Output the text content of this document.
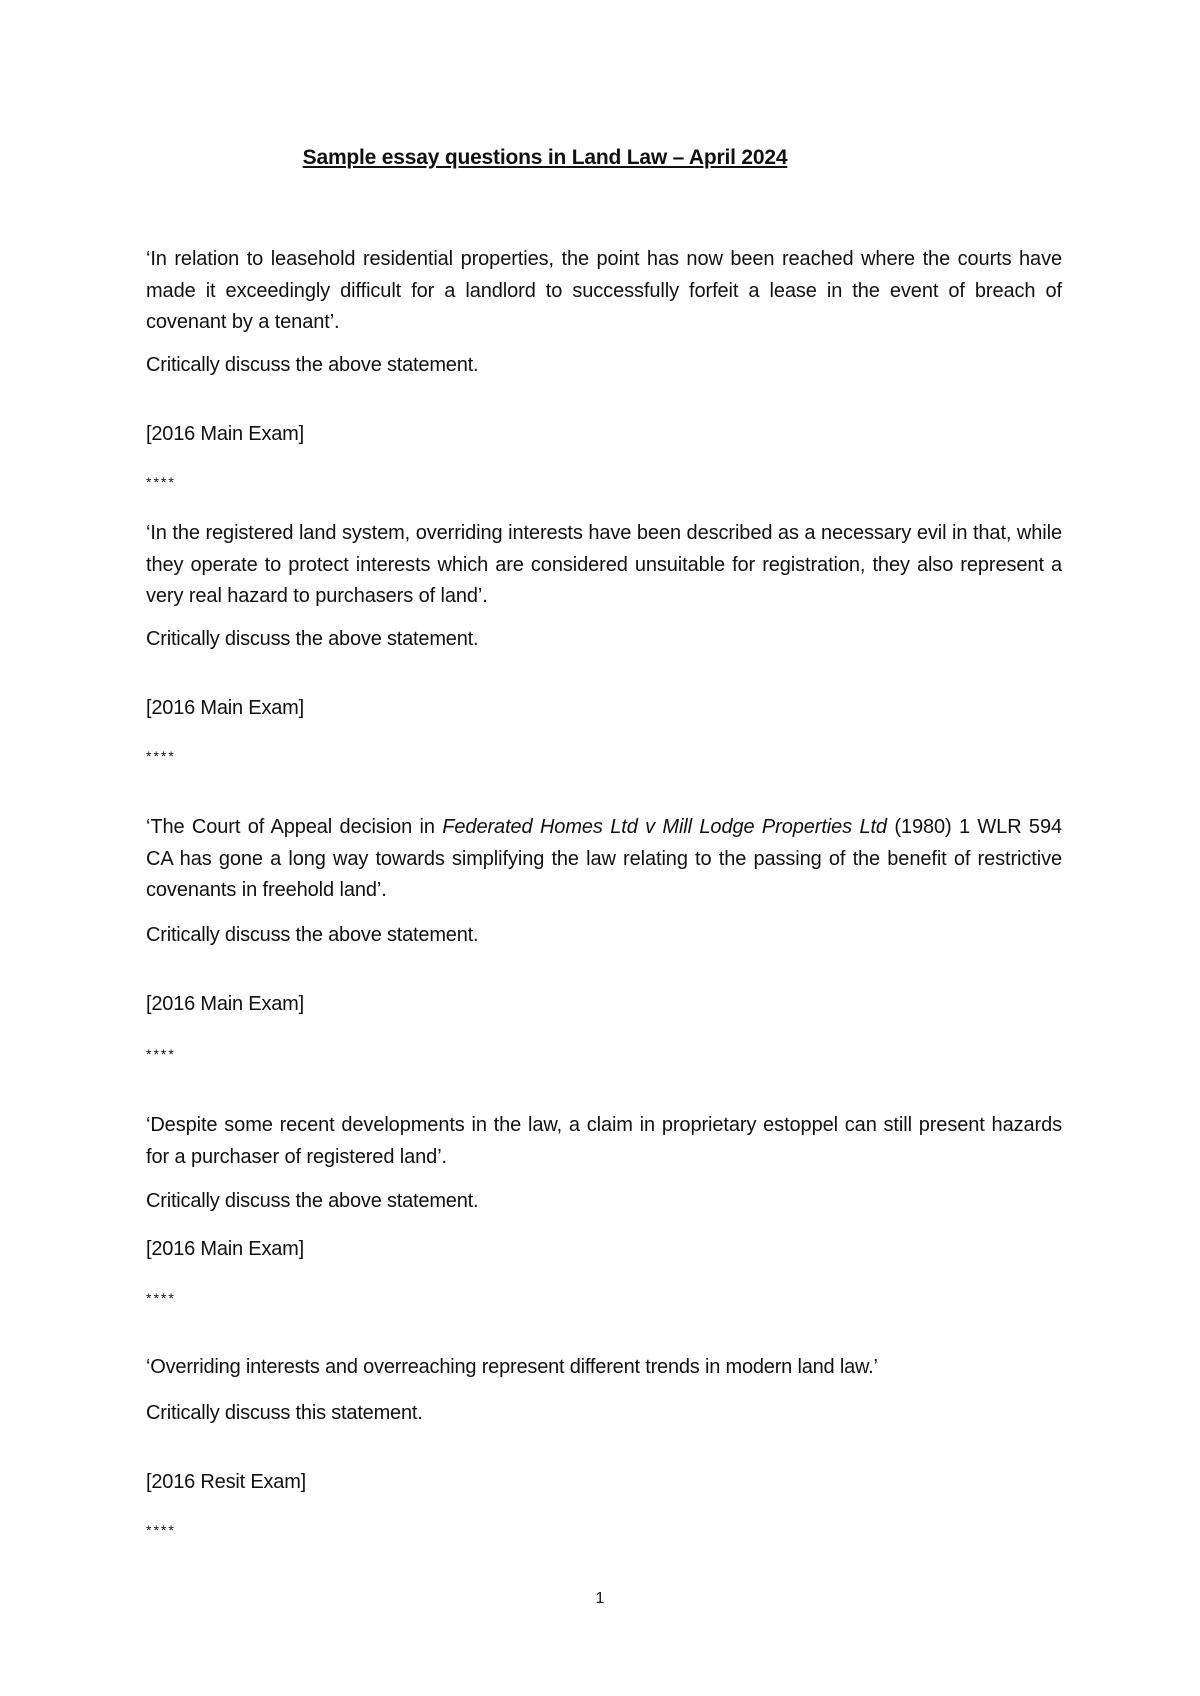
Sample essay questions in Land Law – April 2024
‘In relation to leasehold residential properties, the point has now been reached where the courts have made it exceedingly difficult for a landlord to successfully forfeit a lease in the event of breach of covenant by a tenant’.
Critically discuss the above statement.
[2016 Main Exam]
****
‘In the registered land system, overriding interests have been described as a necessary evil in that, while they operate to protect interests which are considered unsuitable for registration, they also represent a very real hazard to purchasers of land’.
Critically discuss the above statement.
[2016 Main Exam]
****
‘The Court of Appeal decision in Federated Homes Ltd v Mill Lodge Properties Ltd (1980) 1 WLR 594 CA has gone a long way towards simplifying the law relating to the passing of the benefit of restrictive covenants in freehold land’.
Critically discuss the above statement.
[2016 Main Exam]
****
‘Despite some recent developments in the law, a claim in proprietary estoppel can still present hazards for a purchaser of registered land’.
Critically discuss the above statement.
[2016 Main Exam]
****
‘Overriding interests and overreaching represent different trends in modern land law.’
Critically discuss this statement.
[2016 Resit Exam]
****
1
